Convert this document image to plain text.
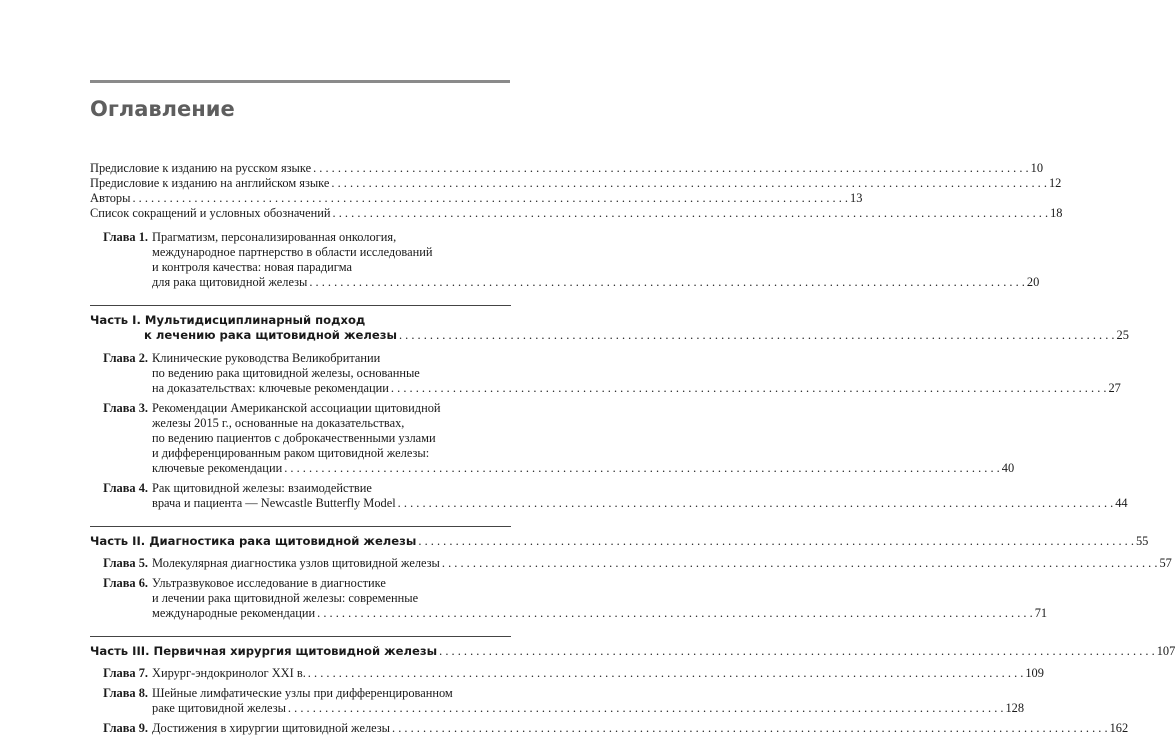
Оглавление
Предисловие к изданию на русском языке . . .	10
Предисловие к изданию на английском языке . . .	12
Авторы . . .	13
Список сокращений и условных обозначений . . .	18
Глава 1. Прагматизм, персонализированная онкология,
международное партнерство в области исследований
и контроля качества: новая парадигма
для рака щитовидной железы . . .	20
Часть I. Мультидисциплинарный подход
к лечению рака щитовидной железы . . .	25
Глава 2. Клинические руководства Великобритании
по ведению рака щитовидной железы, основанные
на доказательствах: ключевые рекомендации . . .	27
Глава 3. Рекомендации Американской ассоциации щитовидной
железы 2015 г., основанные на доказательствах,
по ведению пациентов с доброкачественными узлами
и дифференцированным раком щитовидной железы:
ключевые рекомендации . . .	40
Глава 4. Рак щитовидной железы: взаимодействие
врача и пациента — Newcastle Butterfly Model . . .	44
Часть II. Диагностика рака щитовидной железы . . .	55
Глава 5. Молекулярная диагностика узлов щитовидной железы . . .	57
Глава 6. Ультразвуковое исследование в диагностике
и лечении рака щитовидной железы: современные
международные рекомендации . . .	71
Часть III. Первичная хирургия щитовидной железы . . .	107
Глава 7. Хирург-эндокринолог XXI в. . . .	109
Глава 8. Шейные лимфатические узлы при дифференцированном
раке щитовидной железы . . .	128
Глава 9. Достижения в хирургии щитовидной железы . . .	162
